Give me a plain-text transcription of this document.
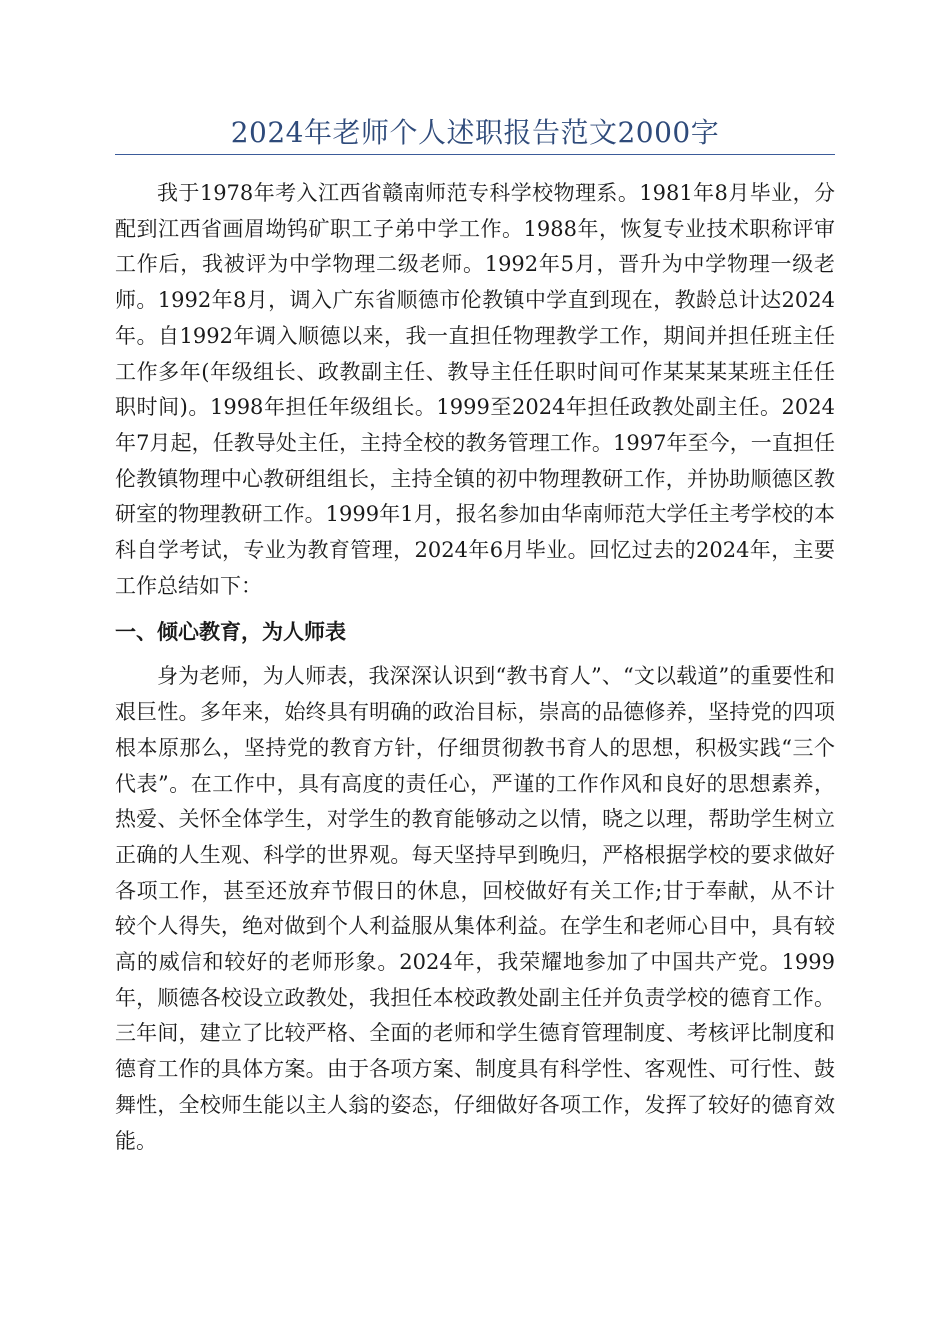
2024年老师个人述职报告范文2000字

我于1978年考入江西省赣南师范专科学校物理系。1981年8月毕业，分配到江西省画眉坳钨矿职工子弟中学工作。1988年，恢复专业技术职称评审工作后，我被评为中学物理二级老师。1992年5月，晋升为中学物理一级老师。1992年8月，调入广东省顺德市伦教镇中学直到现在，教龄总计达2024年。自1992年调入顺德以来，我一直担任物理教学工作，期间并担任班主任工作多年(年级组长、政教副主任、教导主任任职时间可作某某某某班主任任职时间)。1998年担任年级组长。1999至2024年担任政教处副主任。2024年7月起，任教导处主任，主持全校的教务管理工作。1997年至今，一直担任伦教镇物理中心教研组组长，主持全镇的初中物理教研工作，并协助顺德区教研室的物理教研工作。1999年1月，报名参加由华南师范大学任主考学校的本科自学考试，专业为教育管理，2024年6月毕业。回忆过去的2024年，主要工作总结如下：

一、倾心教育，为人师表

身为老师，为人师表，我深深认识到“教书育人”、“文以载道”的重要性和艰巨性。多年来，始终具有明确的政治目标，崇高的品德修养，坚持党的四项根本原那么，坚持党的教育方针，仔细贯彻教书育人的思想，积极实践“三个代表”。在工作中，具有高度的责任心，严谨的工作作风和良好的思想素养，热爱、关怀全体学生，对学生的教育能够动之以情，晓之以理，帮助学生树立正确的人生观、科学的世界观。每天坚持早到晚归，严格根据学校的要求做好各项工作，甚至还放弃节假日的休息，回校做好有关工作;甘于奉献，从不计较个人得失，绝对做到个人利益服从集体利益。在学生和老师心目中，具有较高的威信和较好的老师形象。2024年，我荣耀地参加了中国共产党。1999年，顺德各校设立政教处，我担任本校政教处副主任并负责学校的德育工作。三年间，建立了比较严格、全面的老师和学生德育管理制度、考核评比制度和德育工作的具体方案。由于各项方案、制度具有科学性、客观性、可行性、鼓舞性，全校师生能以主人翁的姿态，仔细做好各项工作，发挥了较好的德育效能。
